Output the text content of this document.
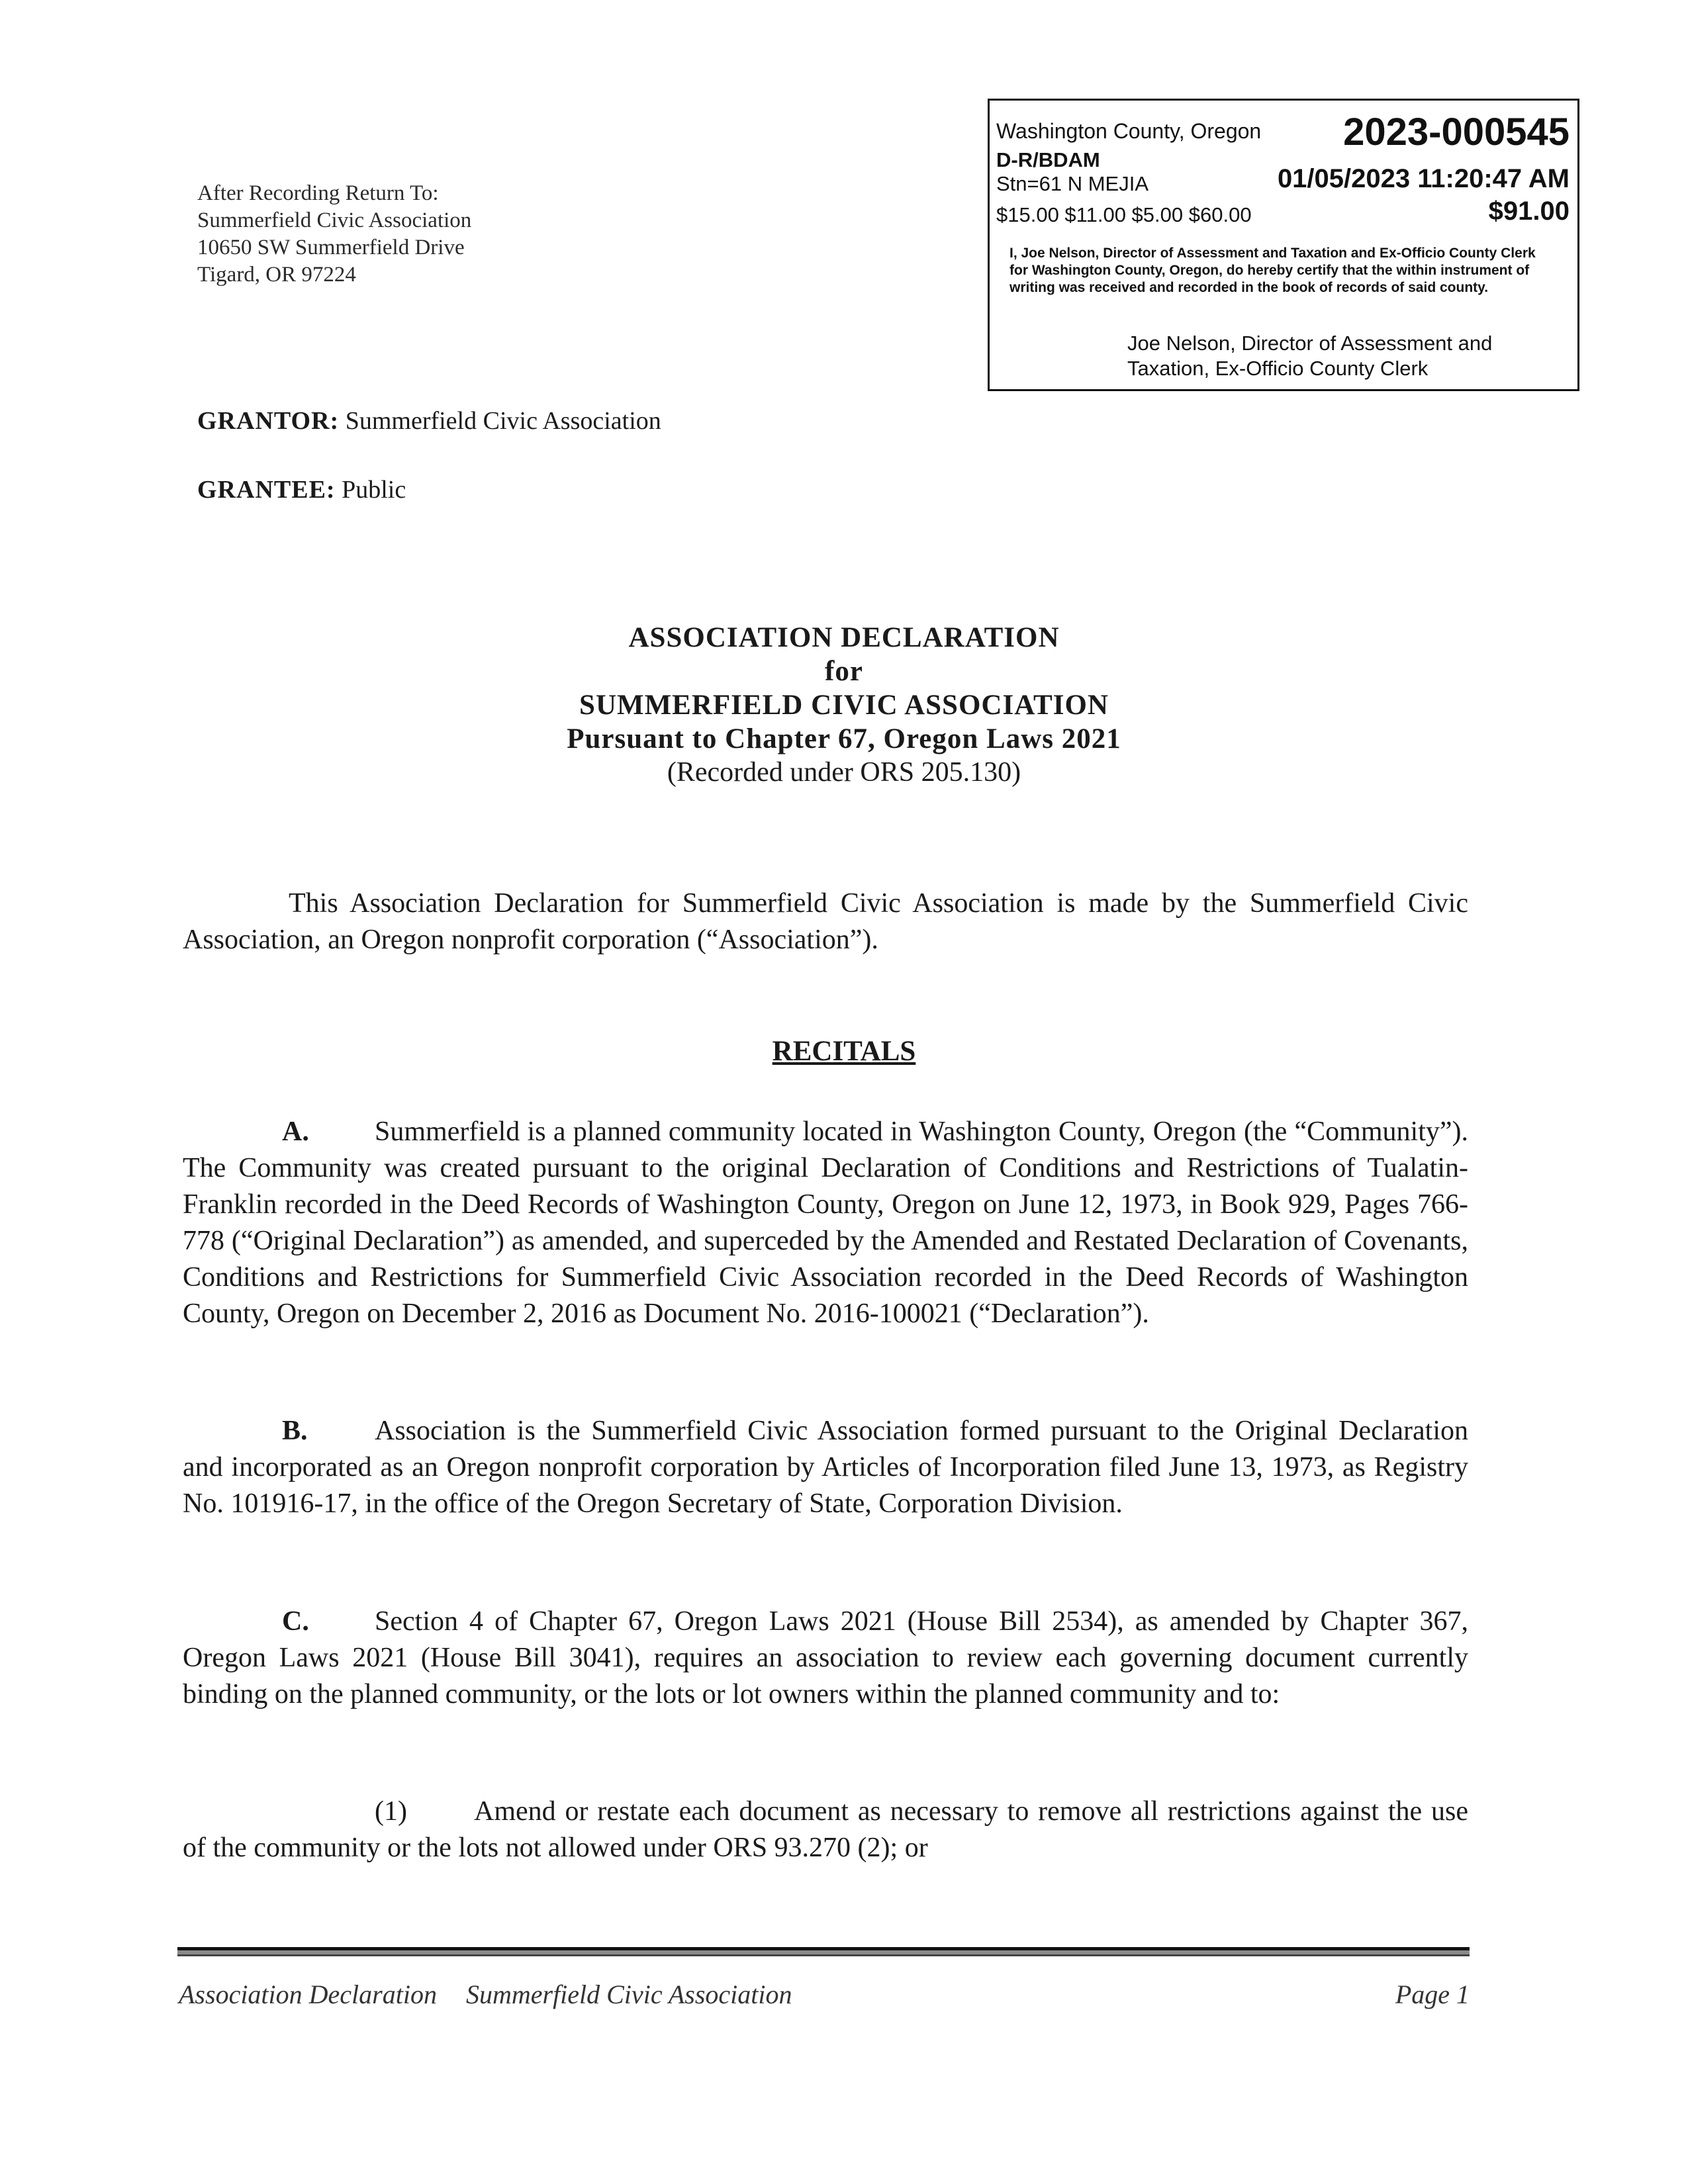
After Recording Return To:
Summerfield Civic Association
10650 SW Summerfield Drive
Tigard, OR 97224
Washington County, Oregon 2023-000545
D-R/BDAM
Stn=61 N MEJIA	01/05/2023 11:20:47 AM
$15.00 $11.00 $5.00 $60.00	$91.00
I, Joe Nelson, Director of Assessment and Taxation and Ex-Officio County Clerk for Washington County, Oregon, do hereby certify that the within instrument of writing was received and recorded in the book of records of said county.
Joe Nelson, Director of Assessment and Taxation, Ex-Officio County Clerk
GRANTOR: Summerfield Civic Association
GRANTEE: Public
ASSOCIATION DECLARATION
for
SUMMERFIELD CIVIC ASSOCIATION
Pursuant to Chapter 67, Oregon Laws 2021
(Recorded under ORS 205.130)
This Association Declaration for Summerfield Civic Association is made by the Summerfield Civic Association, an Oregon nonprofit corporation (“Association”).
RECITALS
A. Summerfield is a planned community located in Washington County, Oregon (the “Community”). The Community was created pursuant to the original Declaration of Conditions and Restrictions of Tualatin-Franklin recorded in the Deed Records of Washington County, Oregon on June 12, 1973, in Book 929, Pages 766-778 (“Original Declaration”) as amended, and superceded by the Amended and Restated Declaration of Covenants, Conditions and Restrictions for Summerfield Civic Association recorded in the Deed Records of Washington County, Oregon on December 2, 2016 as Document No. 2016-100021 (“Declaration”).
B. Association is the Summerfield Civic Association formed pursuant to the Original Declaration and incorporated as an Oregon nonprofit corporation by Articles of Incorporation filed June 13, 1973, as Registry No. 101916-17, in the office of the Oregon Secretary of State, Corporation Division.
C. Section 4 of Chapter 67, Oregon Laws 2021 (House Bill 2534), as amended by Chapter 367, Oregon Laws 2021 (House Bill 3041), requires an association to review each governing document currently binding on the planned community, or the lots or lot owners within the planned community and to:
(1) Amend or restate each document as necessary to remove all restrictions against the use of the community or the lots not allowed under ORS 93.270 (2); or
Association Declaration Summerfield Civic Association	Page 1
